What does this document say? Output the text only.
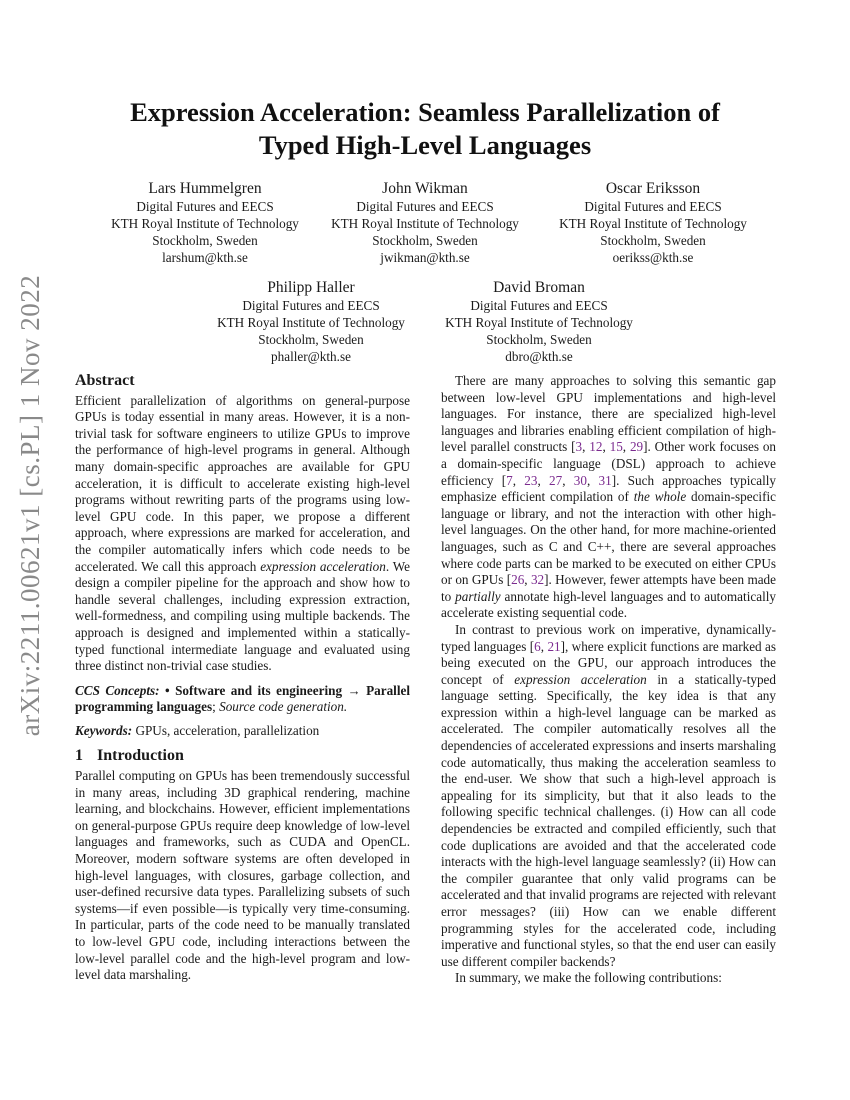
arXiv:2211.00621v1 [cs.PL] 1 Nov 2022
Expression Acceleration: Seamless Parallelization of
Typed High-Level Languages
Lars Hummelgren
Digital Futures and EECS
KTH Royal Institute of Technology
Stockholm, Sweden
larshum@kth.se
John Wikman
Digital Futures and EECS
KTH Royal Institute of Technology
Stockholm, Sweden
jwikman@kth.se
Oscar Eriksson
Digital Futures and EECS
KTH Royal Institute of Technology
Stockholm, Sweden
oerikss@kth.se
Philipp Haller
Digital Futures and EECS
KTH Royal Institute of Technology
Stockholm, Sweden
phaller@kth.se
David Broman
Digital Futures and EECS
KTH Royal Institute of Technology
Stockholm, Sweden
dbro@kth.se
Abstract

Efficient parallelization of algorithms on general-purpose GPUs is today essential in many areas. However, it is a non-trivial task for software engineers to utilize GPUs to improve the performance of high-level programs in general. Although many domain-specific approaches are available for GPU acceleration, it is difficult to accelerate existing high-level programs without rewriting parts of the programs using low-level GPU code. In this paper, we propose a different approach, where expressions are marked for acceleration, and the compiler automatically infers which code needs to be accelerated. We call this approach expression acceleration. We design a compiler pipeline for the approach and show how to handle several challenges, including expression extraction, well-formedness, and compiling using multiple backends. The approach is designed and implemented within a statically-typed functional intermediate language and evaluated using three distinct non-trivial case studies.

CCS Concepts: • Software and its engineering → Parallel programming languages; Source code generation.

Keywords: GPUs, acceleration, parallelization

1 Introduction

Parallel computing on GPUs has been tremendously successful in many areas, including 3D graphical rendering, machine learning, and blockchains. However, efficient implementations on general-purpose GPUs require deep knowledge of low-level languages and frameworks, such as CUDA and OpenCL. Moreover, modern software systems are often developed in high-level languages, with closures, garbage collection, and user-defined recursive data types. Parallelizing subsets of such systems—if even possible—is typically very time-consuming. In particular, parts of the code need to be manually translated to low-level GPU code, including interactions between the low-level parallel code and the high-level program and low-level data marshaling.

There are many approaches to solving this semantic gap between low-level GPU implementations and high-level languages. For instance, there are specialized high-level languages and libraries enabling efficient compilation of high-level parallel constructs [3, 12, 15, 29]. Other work focuses on a domain-specific language (DSL) approach to achieve efficiency [7, 23, 27, 30, 31]. Such approaches typically emphasize efficient compilation of the whole domain-specific language or library, and not the interaction with other high-level languages. On the other hand, for more machine-oriented languages, such as C and C++, there are several approaches where code parts can be marked to be executed on either CPUs or on GPUs [26, 32]. However, fewer attempts have been made to partially annotate high-level languages and to automatically accelerate existing sequential code.

In contrast to previous work on imperative, dynamically-typed languages [6, 21], where explicit functions are marked as being executed on the GPU, our approach introduces the concept of expression acceleration in a statically-typed language setting. Specifically, the key idea is that any expression within a high-level language can be marked as accelerated. The compiler automatically resolves all the dependencies of accelerated expressions and inserts marshaling code automatically, thus making the acceleration seamless to the end-user. We show that such a high-level approach is appealing for its simplicity, but that it also leads to the following specific technical challenges. (i) How can all code dependencies be extracted and compiled efficiently, such that code duplications are avoided and that the accelerated code interacts with the high-level language seamlessly? (ii) How can the compiler guarantee that only valid programs can be accelerated and that invalid programs are rejected with relevant error messages? (iii) How can we enable different programming styles for the accelerated code, including imperative and functional styles, so that the end user can easily use different compiler backends?

In summary, we make the following contributions:
